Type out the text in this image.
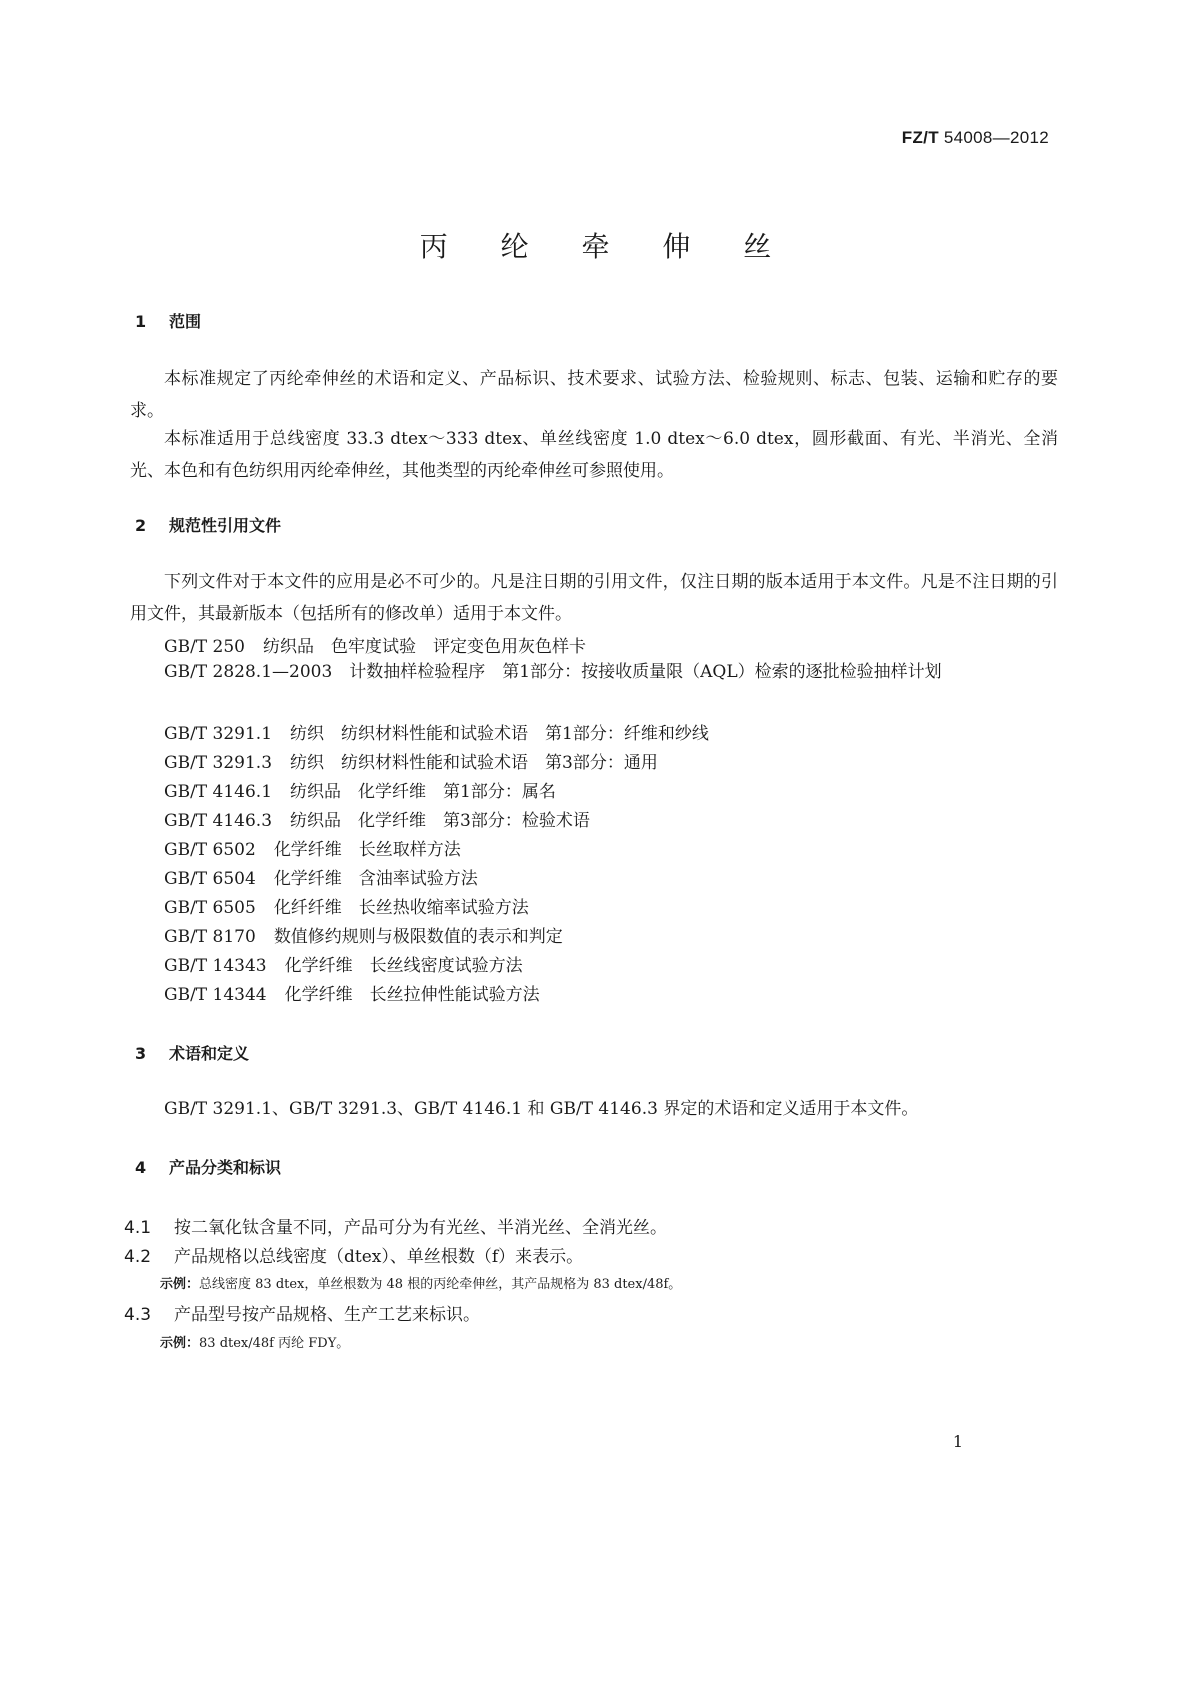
FZ/T 54008—2012

丙 纶 牵 伸 丝
1 范围

本标准规定了丙纶牵伸丝的术语和定义、产品标识、技术要求、试验方法、检验规则、标志、包装、运输和贮存的要求。

本标准适用于总线密度 33.3 dtex～333 dtex、单丝线密度 1.0 dtex～6.0 dtex，圆形截面、有光、半消光、全消光、本色和有色纺织用丙纶牵伸丝，其他类型的丙纶牵伸丝可参照使用。

2 规范性引用文件

下列文件对于本文件的应用是必不可少的。凡是注日期的引用文件，仅注日期的版本适用于本文件。凡是不注日期的引用文件，其最新版本（包括所有的修改单）适用于本文件。

GB/T 250 纺织品　色牢度试验　评定变色用灰色样卡

GB/T 2828.1—2003　 计数抽样检验程序　第1部分：按接收质量限（AQL）检索的逐批检验抽样计划

GB/T 3291.1 纺织　纺织材料性能和试验术语　第1部分：纤维和纱线

GB/T 3291.3 纺织　纺织材料性能和试验术语　第3部分：通用

GB/T 4146.1 纺织品　化学纤维　第1部分：属名

GB/T 4146.3 纺织品　化学纤维　第3部分：检验术语

GB/T 6502 化学纤维　长丝取样方法

GB/T 6504 化学纤维　含油率试验方法

GB/T 6505 化纤纤维　长丝热收缩率试验方法

GB/T 8170 数值修约规则与极限数值的表示和判定

GB/T 14343 化学纤维　长丝线密度试验方法

GB/T 14344 化学纤维　长丝拉伸性能试验方法

3 术语和定义

GB/T 3291.1、GB/T 3291.3、GB/T 4146.1 和 GB/T 4146.3 界定的术语和定义适用于本文件。

4 产品分类和标识

4.1 按二氧化钛含量不同，产品可分为有光丝、半消光丝、全消光丝。

4.2 产品规格以总线密度（dtex）、单丝根数（f）来表示。

示例：总线密度 83 dtex，单丝根数为 48 根的丙纶牵伸丝，其产品规格为 83 dtex/48f。

4.3 产品型号按产品规格、生产工艺来标识。

示例：83 dtex/48f 丙纶 FDY。

1
